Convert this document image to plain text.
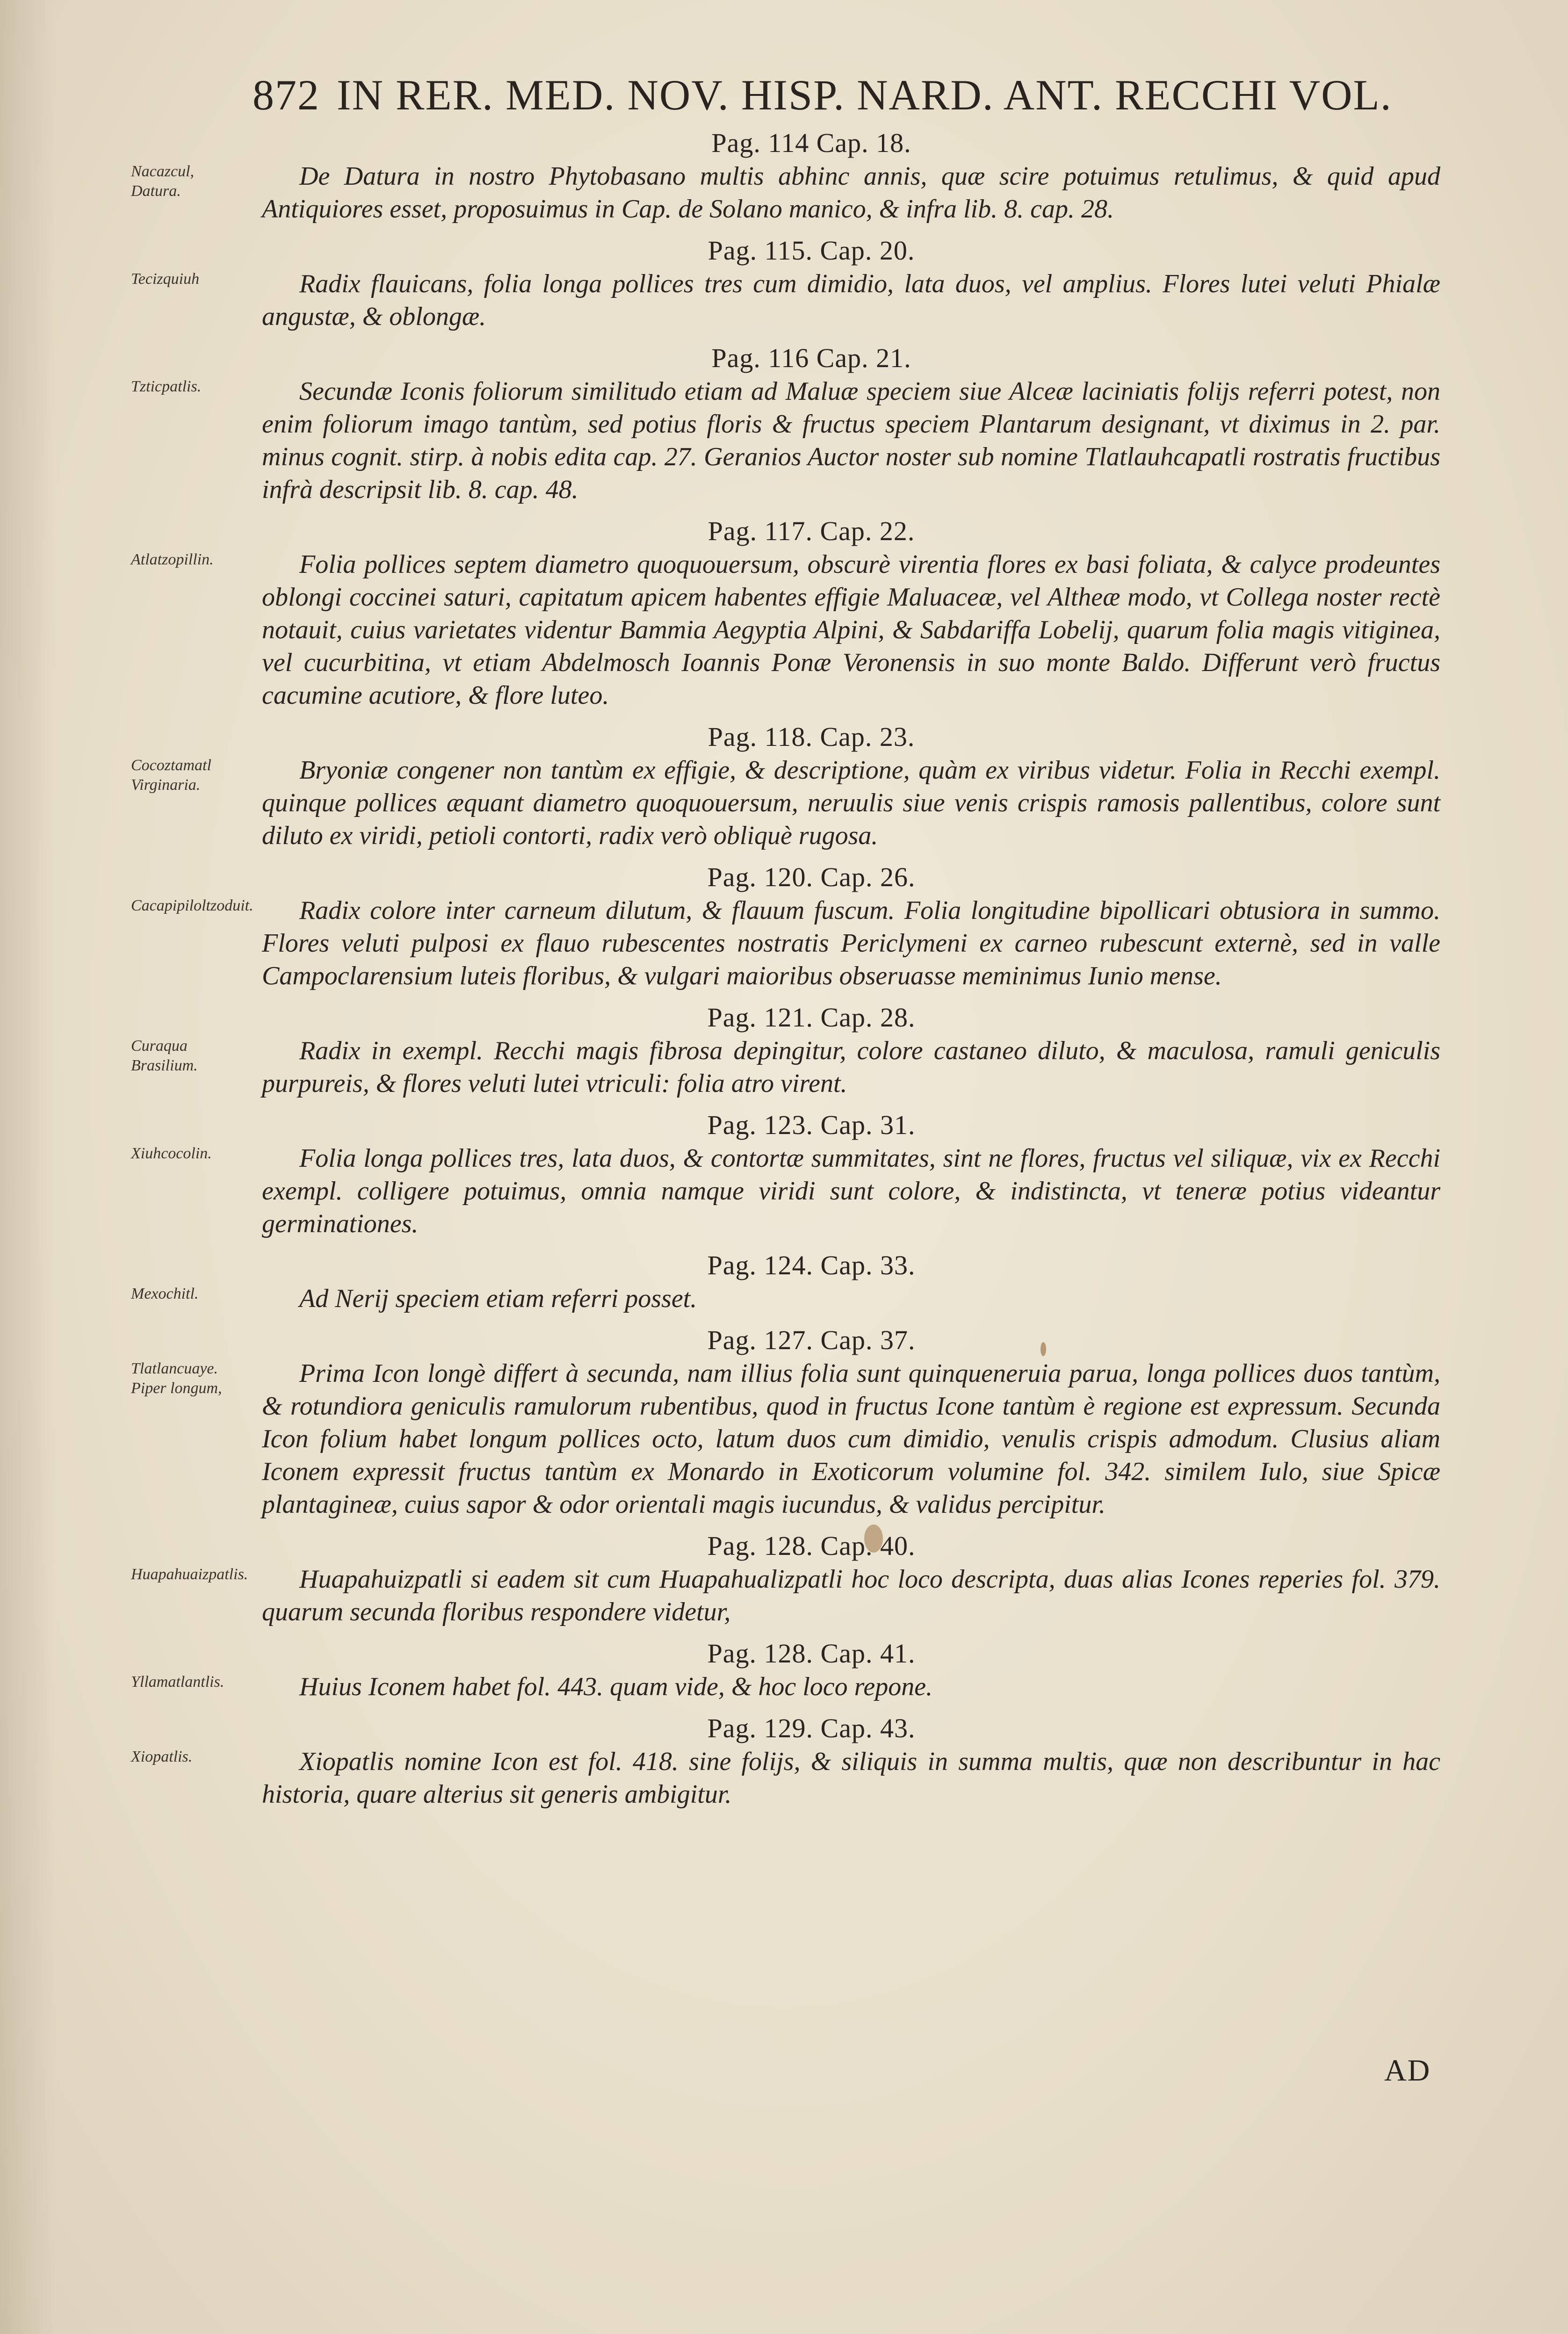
872 IN RER. MED. NOV. HISP. NARD. ANT. RECCHI VOL.
Pag. 114 Cap. 18.
Nacazcul, Datura.
De Datura in nostro Phytobasano multis abhinc annis, quæ scire potuimus retulimus, & quid apud Antiquiores esset, proposuimus in Cap. de Solano manico, & infra lib. 8. cap. 28.
Pag. 115. Cap. 20.
Tecizquiuh	Radix flauicans, folia longa pollices tres cum dimidio, lata duos, vel amplius. Flores lutei veluti Phialæ angustæ, & oblongæ.
Pag. 116 Cap. 21.
Tzticpatlis.	Secundæ Iconis foliorum similitudo etiam ad Maluæ speciem siue Alceæ laciniatis folijs referri potest, non enim foliorum imago tantùm, sed potius floris & fructus speciem Plantarum designant, vt diximus in 2. par. minus cognit. stirp. à nobis edita cap. 27. Geranios Auctor noster sub nomine Tlatlauhcapatli rostratis fructibus infrà descripsit lib. 8. cap. 48.
Pag. 117. Cap. 22.
Atlatzopillin.	Folia pollices septem diametro quoquouersum, obscurè virentia flores ex basi foliata, & calyce prodeuntes oblongi coccinei saturi, capitatum apicem habentes effigie Maluaceæ, vel Altheæ modo, vt Collega noster rectè notauit, cuius varietates videntur Bammia Aegyptia Alpini, & Sabdariffa Lobelij, quarum folia magis vitiginea, vel cucurbitina, vt etiam Abdelmosch Ioannis Ponæ Veronensis in suo monte Baldo. Differunt verò fructus cacumine acutiore, & flore luteo.
Pag. 118. Cap. 23.
Cocoztamatl Virginaria.
Bryoniæ congener non tantùm ex effigie, & descriptione, quàm ex viribus videtur. Folia in Recchi exempl. quinque pollices æquant diametro quoquouersum, neruulis siue venis crispis ramosis pallentibus, colore sunt diluto ex viridi, petioli contorti, radix verò obliquè rugosa.
Pag. 120. Cap. 26.
Cacapipiloltzoduit.	Radix colore inter carneum dilutum, & flauum fuscum. Folia longitudine bipollicari obtusiora in summo. Flores veluti pulposi ex flauo rubescentes nostratis Periclymeni ex carneo rubescunt externè, sed in valle Campoclarensium luteis floribus, & vulgari maioribus obseruasse meminimus Iunio mense.
Pag. 121. Cap. 28.
Curaqua Brasilium.
Radix in exempl. Recchi magis fibrosa depingitur, colore castaneo diluto, & maculosa, ramuli geniculis purpureis, & flores veluti lutei vtriculi: folia atro virent.
Pag. 123. Cap. 31.
Xiuhcocolin.	Folia longa pollices tres, lata duos, & contortæ summitates, sint ne flores, fructus vel siliquæ, vix ex Recchi exempl. colligere potuimus, omnia namque viridi sunt colore, & indistincta, vt teneræ potius videantur germinationes.
Pag. 124. Cap. 33.
Mexochitl.	Ad Nerij speciem etiam referri posset.
Pag. 127. Cap. 37.
Tlatlancuaye. Piper longum,
Prima Icon longè differt à secunda, nam illius folia sunt quinqueneruia parua, longa pollices duos tantùm, & rotundiora geniculis ramulorum rubentibus, quod in fructus Icone tantùm è regione est expressum. Secunda Icon folium habet longum pollices octo, latum duos cum dimidio, venulis crispis admodum. Clusius aliam Iconem expressit fructus tantùm ex Monardo in Exoticorum volumine fol. 342. similem Iulo, siue Spicæ plantagineæ, cuius sapor & odor orientali magis iucundus, & validus percipitur.
Pag. 128. Cap. 40.
Huapahuaizpatlis.	Huapahuizpatli si eadem sit cum Huapahualizpatli hoc loco descripta, duas alias Icones reperies fol. 379. quarum secunda floribus respondere videtur,
Pag. 128. Cap. 41.
Yllamatlantlis.	Huius Iconem habet fol. 443. quam vide, & hoc loco repone.
Pag. 129. Cap. 43.
Xiopatlis.	Xiopatlis nomine Icon est fol. 418. sine folijs, & siliquis in summa multis, quæ non describuntur in hac historia, quare alterius sit generis ambigitur.
AD
